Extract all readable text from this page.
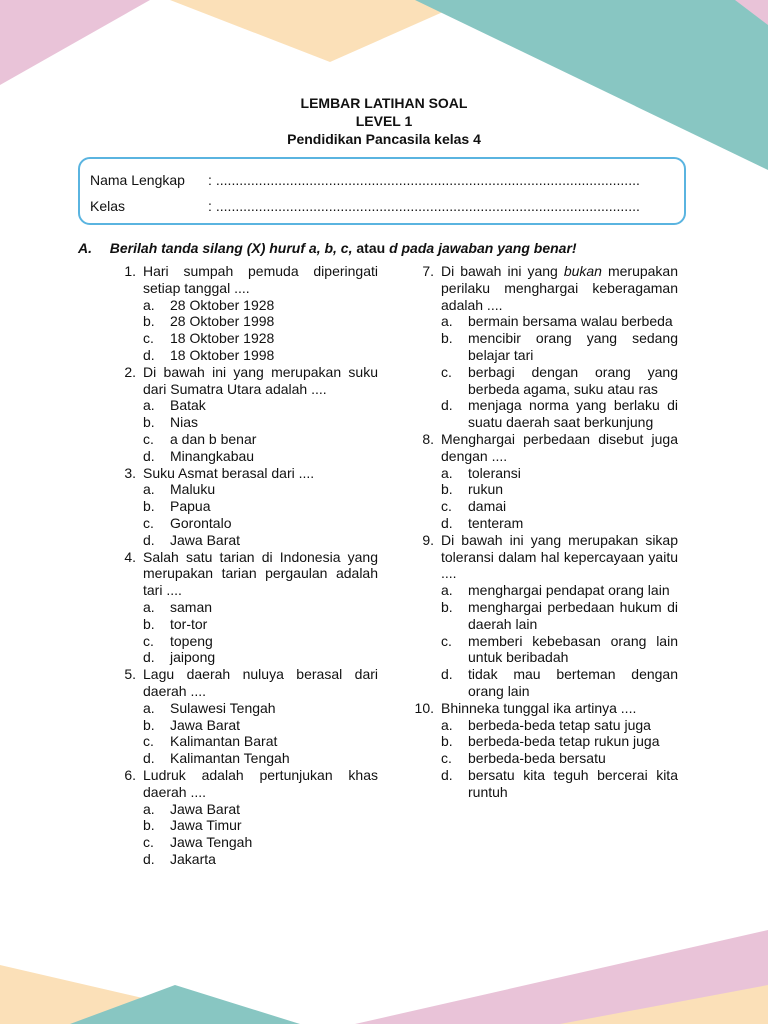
LEMBAR LATIHAN SOAL
LEVEL 1
Pendidikan Pancasila kelas 4
Nama Lengkap	: .............................................................................................................
Kelas	: .............................................................................................................
A. Berilah tanda silang (X) huruf a, b, c, atau d pada jawaban yang benar!
1. Hari sumpah pemuda diperingati setiap tanggal ....
a. 28 Oktober 1928
b. 28 Oktober 1998
c. 18 Oktober 1928
d. 18 Oktober 1998
2. Di bawah ini yang merupakan suku dari Sumatra Utara adalah ....
a. Batak
b. Nias
c. a dan b benar
d. Minangkabau
3. Suku Asmat berasal dari ....
a. Maluku
b. Papua
c. Gorontalo
d. Jawa Barat
4. Salah satu tarian di Indonesia yang merupakan tarian pergaulan adalah tari ....
a. saman
b. tor-tor
c. topeng
d. jaipong
5. Lagu daerah nuluya berasal dari daerah ....
a. Sulawesi Tengah
b. Jawa Barat
c. Kalimantan Barat
d. Kalimantan Tengah
6. Ludruk adalah pertunjukan khas daerah ....
a. Jawa Barat
b. Jawa Timur
c. Jawa Tengah
d. Jakarta
7. Di bawah ini yang bukan merupakan perilaku menghargai keberagaman adalah ....
a. bermain bersama walau berbeda
b. mencibir orang yang sedang belajar tari
c. berbagi dengan orang yang berbeda agama, suku atau ras
d. menjaga norma yang berlaku di suatu daerah saat berkunjung
8. Menghargai perbedaan disebut juga dengan ....
a. toleransi
b. rukun
c. damai
d. tenteram
9. Di bawah ini yang merupakan sikap toleransi dalam hal kepercayaan yaitu ....
a. menghargai pendapat orang lain
b. menghargai perbedaan hukum di daerah lain
c. memberi kebebasan orang lain untuk beribadah
d. tidak mau berteman dengan orang lain
10. Bhinneka tunggal ika artinya ....
a. berbeda-beda tetap satu juga
b. berbeda-beda tetap rukun juga
c. berbeda-beda bersatu
d. bersatu kita teguh bercerai kita runtuh
